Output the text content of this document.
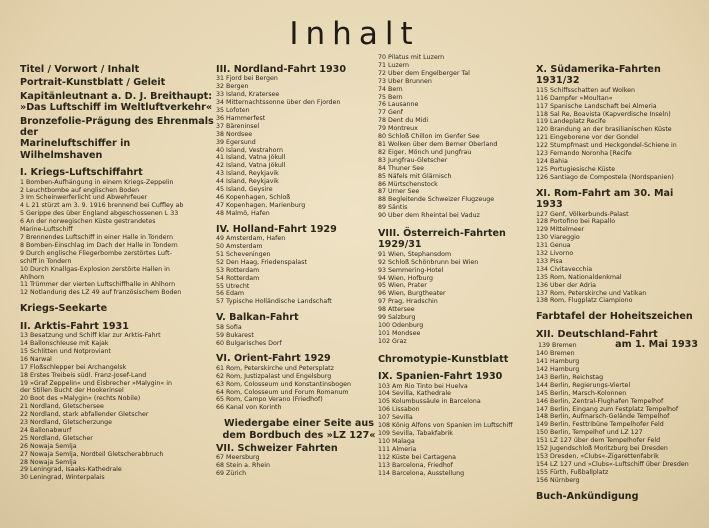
Inhalt
Titel / Vorwort / Inhalt
Portrait-Kunstblatt / Geleit
Kapitänleutnant a. D. J. Breithaupt:
»Das Luftschiff im Weltluftverkehr«
Bronzefolie-Prägung des Ehrenmals der
Marineluftschiffer in Wilhelmshaven
I. Kriegs-Luftschiffahrt
1 Bomben-Aufhängung in einem Kriegs-Zeppelin
2 Leuchtbombe auf englischen Boden
3 Im Scheinwerferlicht und Abwehrfeuer
4 L 21 stürzt am 3. 9. 1916 brennend bei Cuffley ab
5 Gerippe des über England abgeschossenen L 33
6 An der norwegischen Küste gestrandetes
Marine-Luftschiff
7 Brennendes Luftschiff in einer Halle in Tondern
8 Bomben-Einschlag im Dach der Halle in Tondern
9 Durch englische Fliegerbombe zerstörtes Luft-
schiff in Tondern
10 Durch Knallgas-Explosion zerstörte Hallen in
Ahlhorn
11 Trümmer der vierten Luftschiffhalle in Ahlhorn
12 Notlandung des LZ 49 auf französischem Boden
Kriegs-Seekarte
II. Arktis-Fahrt 1931
13 Besatzung und Schiff klar zur Arktis-Fahrt
14 Ballonschleuse mit Kajak
15 Schlitten und Notproviant
16 Narwal
17 Floßschlepper bei Archangelsk
18 Erstes Treibeis südl. Franz-Josef-Land
19 »Graf Zeppelin« und Eisbrecher »Malygin« in
der Stillen Bucht der Hookerinsel
20 Boot des »Malygin« (rechts Nobile)
21 Nordland, Gletschersee
22 Nordland, stark abfallender Gletscher
23 Nordland, Gletscherzunge
24 Ballonabwurf
25 Nordland, Gletscher
26 Nowaja Semlja
27 Nowaja Semlja, Nordteil Gletscherabbruch
28 Nowaja Semlja
29 Leningrad, Isaaks-Kathedrale
30 Leningrad, Winterpalais
III. Nordland-Fahrt 1930
31 Fjord bei Bergen
32 Bergen
33 Island, Kratersee
34 Mitternachtssonne über den Fjorden
35 Lofoten
36 Hammerfest
37 Bäreninsel
38 Nordsee
39 Egersund
40 Island, Vestrahorn
41 Island, Vatna Jökull
42 Island, Vatna Jökull
43 Island, Reykjavik
44 Island, Reykjavik
45 Island, Geysire
46 Kopenhagen, Schloß
47 Kopenhagen, Marienburg
48 Malmö, Hafen
IV. Holland-Fahrt 1929
49 Amsterdam, Hafen
50 Amsterdam
51 Scheveningen
52 Den Haag, Friedenspalast
53 Rotterdam
54 Rotterdam
55 Utrecht
56 Edam
57 Typische Holländische Landschaft
V. Balkan-Fahrt
58 Sofia
59 Bukarest
60 Bulgarisches Dorf
VI. Orient-Fahrt 1929
61 Rom, Peterskirche und Petersplatz
62 Rom, Justizpalast und Engelsburg
63 Rom, Colosseum und Konstantinsbogen
64 Rom, Colosseum und Forum Romanum
65 Rom, Campo Verano (Friedhof)
66 Kanal von Korinth
Wiedergabe einer Seite aus
dem Bordbuch des »LZ 127«
VII. Schweizer Fahrten
67 Meersburg
68 Stein a. Rhein
69 Zürich
70 Pilatus mit Luzern
71 Luzern
72 Über dem Engelberger Tal
73 Über Brunnen
74 Bern
75 Bern
76 Lausanne
77 Genf
78 Dent du Midi
79 Montreux
80 Schloß Chillon im Genfer See
81 Wolken über dem Berner Oberland
82 Eiger, Mönch und Jungfrau
83 Jungfrau-Gletscher
84 Thuner See
85 Näfels mit Glärnisch
86 Mürtschenstock
87 Urner See
88 Begleitende Schweizer Flugzeuge
89 Säntis
90 Über dem Rheintal bei Vaduz
VIII. Österreich-Fahrten 1929/31
91 Wien, Stephansdom
92 Schloß Schönbrunn bei Wien
93 Semmering-Hotel
94 Wien, Hofburg
95 Wien, Prater
96 Wien, Burgtheater
97 Prag, Hradschin
98 Attersee
99 Salzburg
100 Ödenburg
101 Mondsee
102 Graz
Chromotypie-Kunstblatt
IX. Spanien-Fahrt 1930
103 Am Rio Tinto bei Huelva
104 Sevilla, Kathedrale
105 Kolumbussäule in Barcelona
106 Lissabon
107 Sevilla
108 König Alfons von Spanien im Luftschiff
109 Sevilla, Tabakfabrik
110 Malaga
111 Almeria
112 Küste bei Cartagena
113 Barcelona, Friedhof
114 Barcelona, Ausstellung
X. Südamerika-Fahrten 1931/32
115 Schiffsschatten auf Wolken
116 Dampfer »Moultan«
117 Spanische Landschaft bei Almeria
118 Sal Re, Boavista (Kapverdische Inseln)
119 Landeplatz Recife
120 Brandung an der brasilianischen Küste
121 Eingeborene vor der Gondel
122 Stumpfmast und Heckgondel-Schiene in
123 Fernando Noronha [Recife
124 Bahia
125 Portugiesische Küste
126 Santiago de Compostela (Nordspanien)
XI. Rom-Fahrt am 30. Mai 1933
127 Genf, Völkerbunds-Palast
128 Portofino bei Rapallo
129 Mittelmeer
130 Viareggio
131 Genua
132 Livorno
133 Pisa
134 Civitavecchia
135 Rom, Nationaldenkmal
136 Über der Adria
137 Rom, Peterskirche und Vatikan
138 Rom, Flugplatz Ciampiono
Farbtafel der Hoheitszeichen
XII. Deutschland-Fahrt
139 Bremen	am 1. Mai 1933
140 Bremen
141 Hamburg
142 Hamburg
143 Berlin, Reichstag
144 Berlin, Regierungs-Viertel
145 Berlin, Marsch-Kolonnen
146 Berlin, Zentral-Flughafen Tempelhof
147 Berlin, Eingang zum Festplatz Tempelhof
148 Berlin, Aufmarsch-Gelände Tempelhof
149 Berlin, Festtribüne Tempelhofer Feld
150 Berlin, Tempelhof und LZ 127
151 LZ 127 über dem Tempelhofer Feld
152 Jugendschloß Moritzburg bei Dresden
153 Dresden, »Clubs«-Zigarettenfabrik
154 LZ 127 und »Clubs«-Luftschiff über Dresden
155 Fürth, Fußballplatz
156 Nürnberg
Buch-Ankündigung
